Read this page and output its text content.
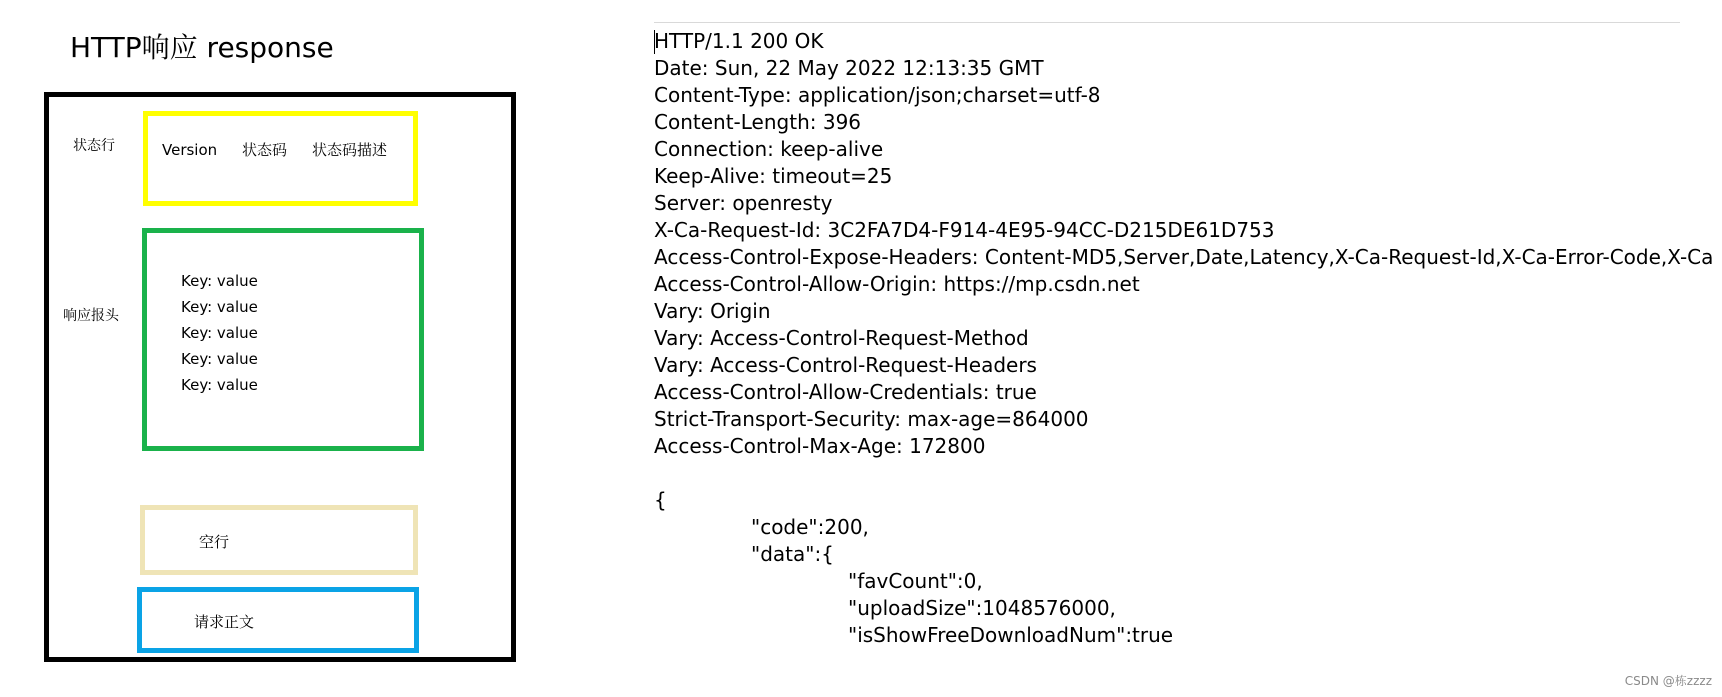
HTTP响应 response
状态行
响应报头
Version 状态码 状态码描述
Key: value
Key: value
Key: value
Key: value
Key: value
空行
请求正文
HTTP/1.1 200 OK
Date: Sun, 22 May 2022 12:13:35 GMT
Content-Type: application/json;charset=utf-8
Content-Length: 396
Connection: keep-alive
Keep-Alive: timeout=25
Server: openresty
X-Ca-Request-Id: 3C2FA7D4-F914-4E95-94CC-D215DE61D753
Access-Control-Expose-Headers: Content-MD5,Server,Date,Latency,X-Ca-Request-Id,X-Ca-Error-Code,X-Ca
Access-Control-Allow-Origin: https://mp.csdn.net
Vary: Origin
Vary: Access-Control-Request-Method
Vary: Access-Control-Request-Headers
Access-Control-Allow-Credentials: true
Strict-Transport-Security: max-age=864000
Access-Control-Max-Age: 172800
{
"code":200,
"data":{
"favCount":0,
"uploadSize":1048576000,
"isShowFreeDownloadNum":true
CSDN @栋zzzz
